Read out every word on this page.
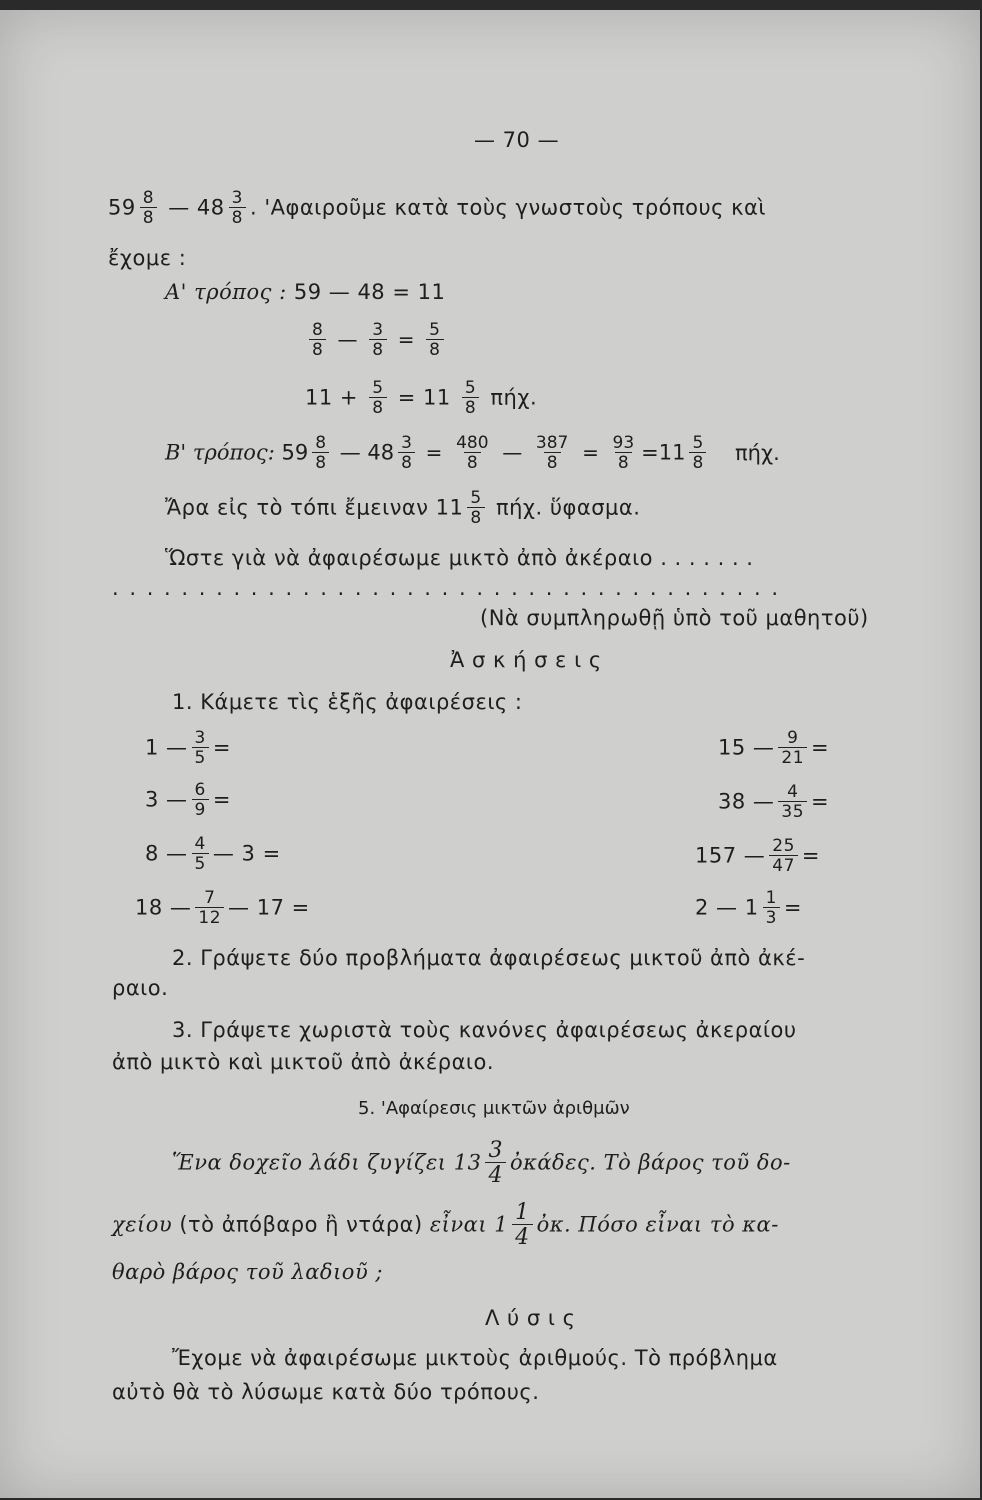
— 70 —
$59 \frac{8}{8}$ — $48 \frac{3}{8}$ . 'Αφαιροῦμε κατὰ τοὺς γνωστοὺς τρόπους καὶ
ἔχομε :
Α' τρόπος : 59 — 48 = 11
$\frac{8}{8}$ — $\frac{3}{8} = \frac{5}{8}$
$11 + \frac{5}{8} = 11 \frac{5}{8} \pi ή\chi$.
Β' τρόπος: $59 \frac{8}{8}$ — $48 \frac{3}{8} = \frac{480}{8}$ — $\frac{387}{8} = \frac{93}{8} =11 \frac{5}{8} \pi ή\chi$.
Ἄρα εἰς τὸ τόπι ἔμειναν $11 \frac{5}{8} \pi ή\chi$. ὕφασμα.
Ὥστε γιὰ νὰ ἀφαιρέσωμε μικτὸ ἀπὸ ἀκέραιο . . . . . . .
. . . . . . . . . . . . . . . . . . . . . . . . . . . . . . . . . . . . . . .
(Νὰ συμπληρωθῇ ὑπὸ τοῦ μαθητοῦ)
Ἀ σ κ ή σ ε ι ς
1. Κάμετε τὶς ἑξῆς ἀφαιρέσεις :
1 — $\frac{3}{5}$ =
3 — $\frac{6}{9}$ =
8 — $\frac{4}{5}$ — 3 =
18 — $\frac{7}{12}$ — 17 =
15 — $\frac{9}{21}$ =
38 — $\frac{4}{35}$ =
157 — $\frac{25}{47}$ =
2 — $1 \frac{1}{3}$ =
2. Γράψετε δύο προβλήματα ἀφαιρέσεως μικτοῦ ἀπὸ ἀκέ-
ραιο.
3. Γράψετε χωριστὰ τοὺς κανόνες ἀφαιρέσεως ἀκεραίου
ἀπὸ μικτὸ καὶ μικτοῦ ἀπὸ ἀκέραιο.
5. 'Αφαίρεσις μικτῶν ἀριθμῶν
Ἕνα δοχεῖο λάδι ζυγίζει $13 \frac{3}{4}$ ὀκάδες. Τὸ βάρος τοῦ δο-
χείου (τὸ ἀπόβαρο ἢ ντάρα) εἶναι $1 \frac{1}{4}$ ὀκ. Πόσο εἶναι τὸ κα-
θαρὸ βάρος τοῦ λαδιοῦ ;
Λ ύ σ ι ς
Ἔχομε νὰ ἀφαιρέσωμε μικτοὺς ἀριθμούς. Τὸ πρόβλημα
αὐτὸ θὰ τὸ λύσωμε κατὰ δύο τρόπους.
